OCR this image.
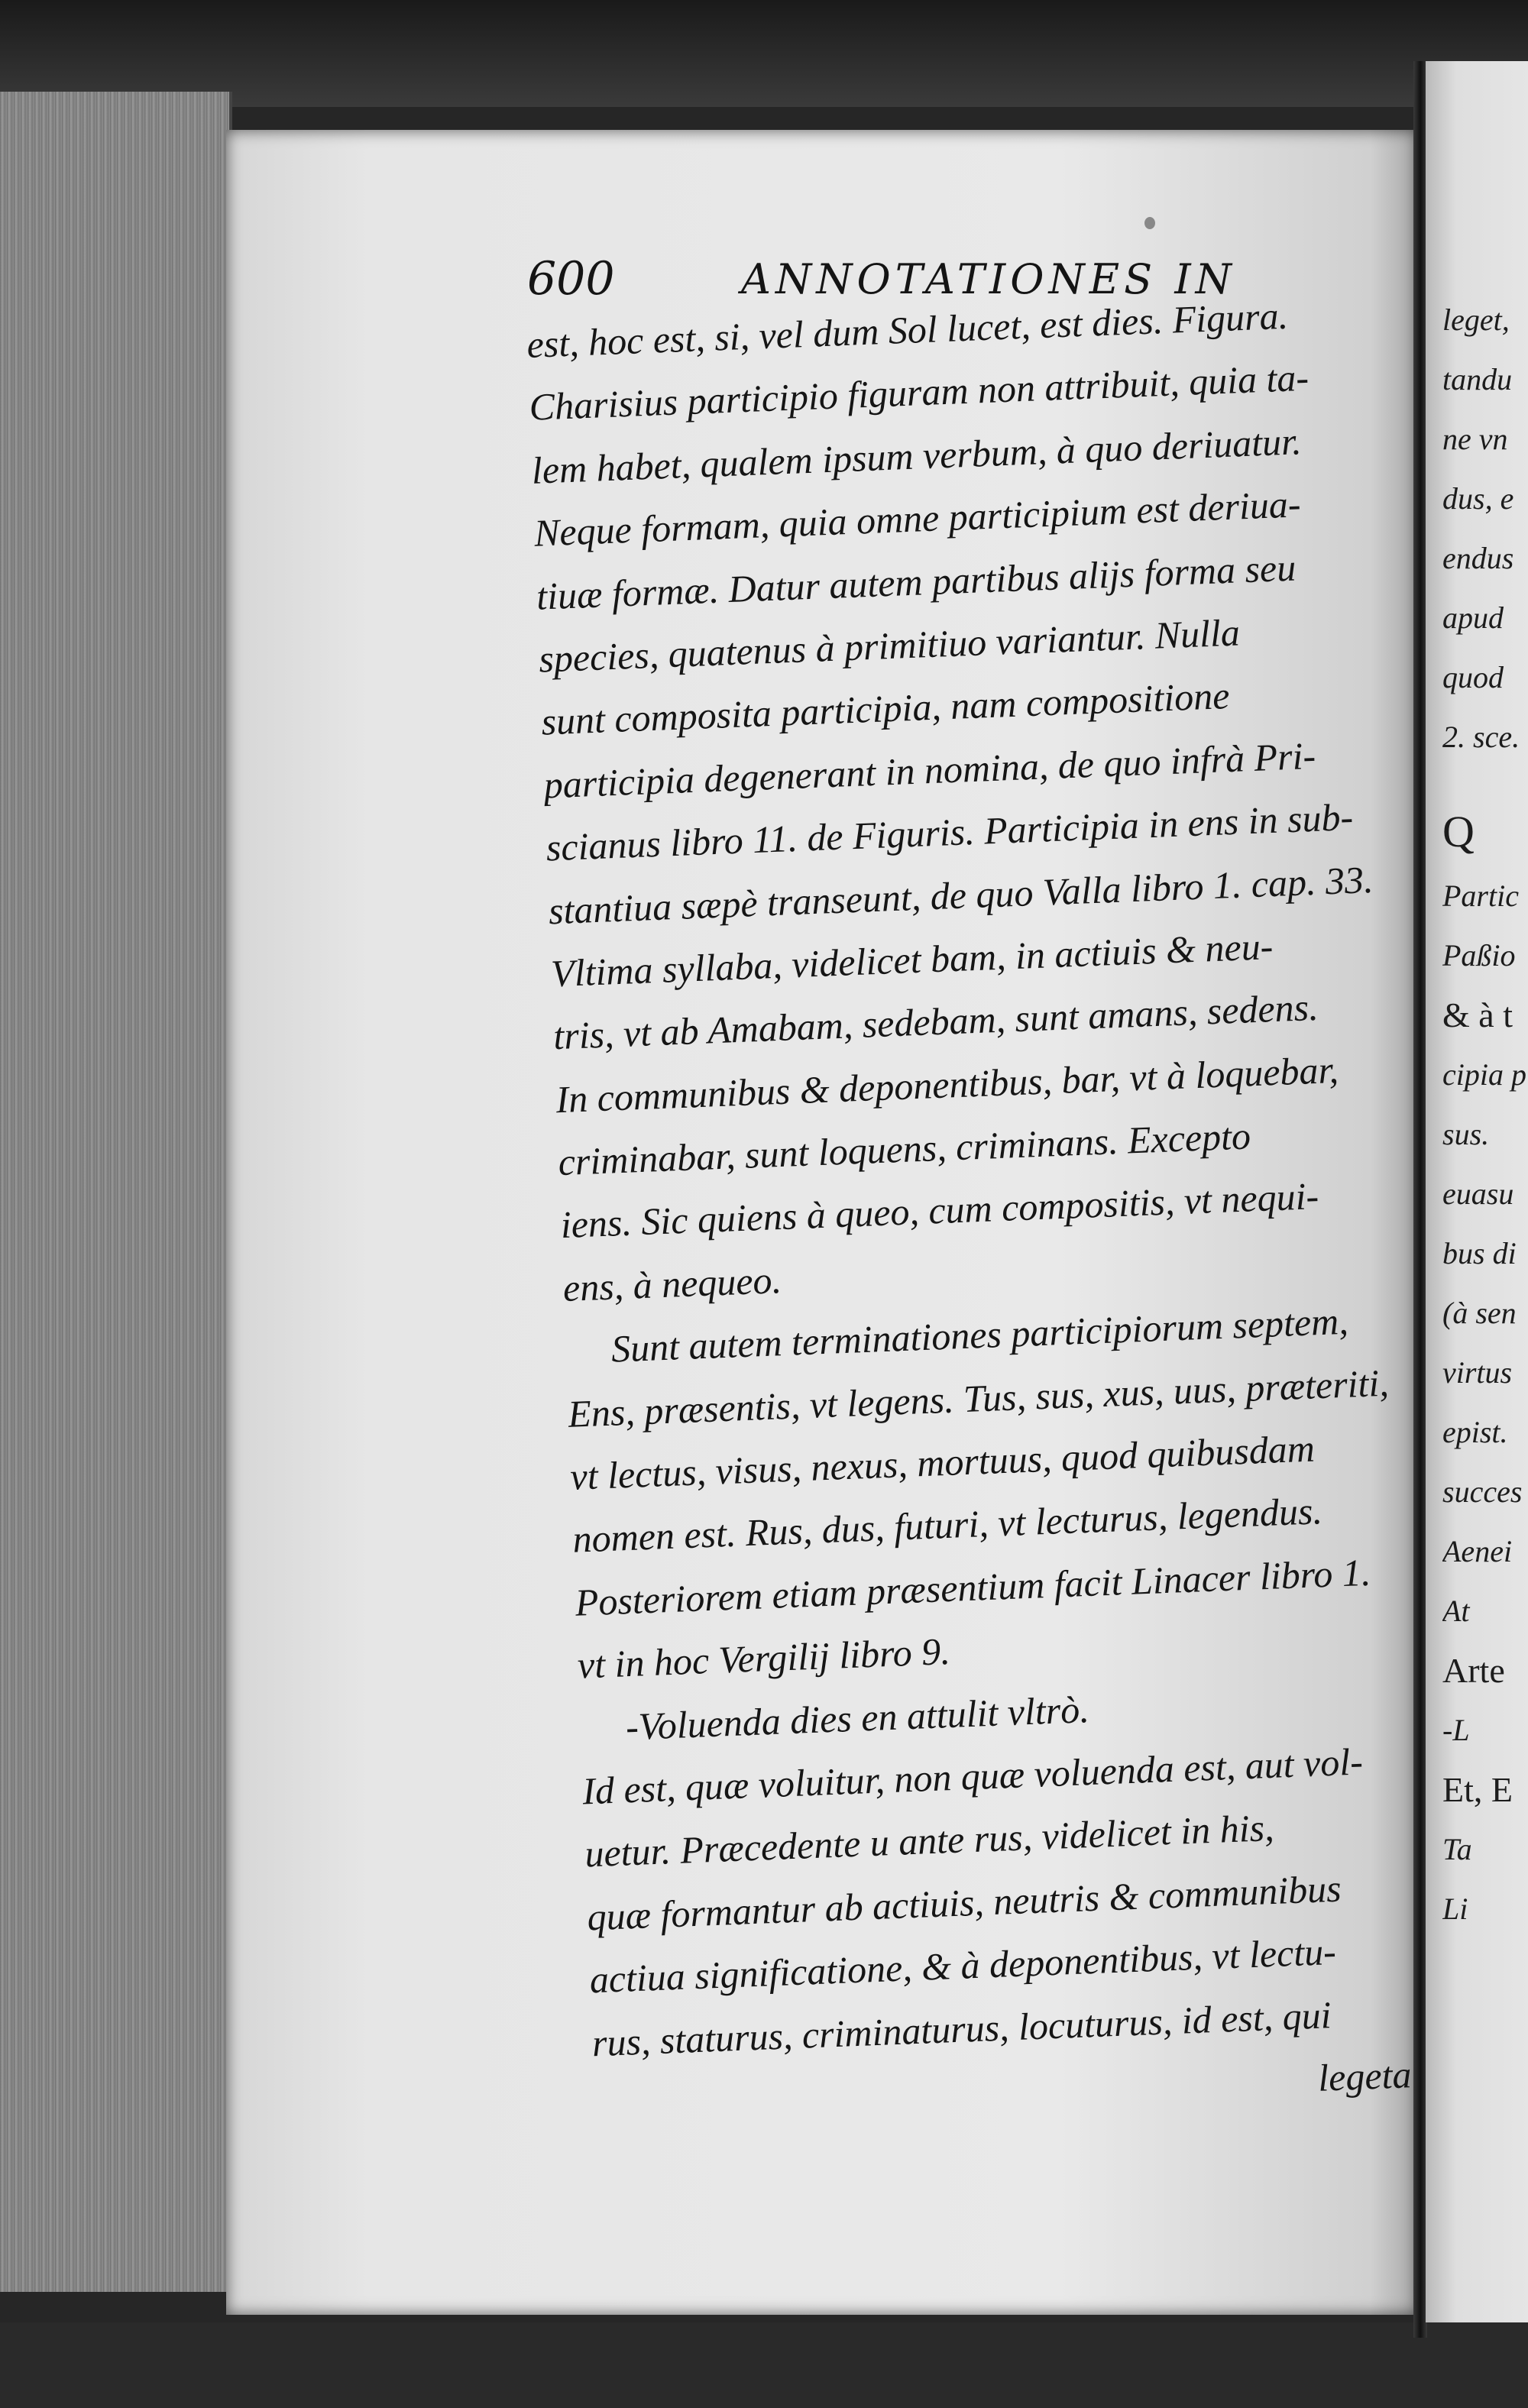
600	ANNOTATIONES IN
est, hoc est, si, vel dum Sol lucet, est dies. Figura.
Charisius participio figuram non attribuit, quia ta-
lem habet, qualem ipsum verbum, à quo deriuatur.
Neque formam, quia omne participium est deriua-
tiuæ formæ. Datur autem partibus aliјs forma seu
species, quatenus à primitiuo variantur. Nulla
sunt composita participia, nam compositione
participia degenerant in nomina, de quo infrà Pri-
scianus libro 11. de Figuris. Participia in ens in sub-
stantiua sæpè transeunt, de quo Valla libro 1. cap. 33.
Vltima syllaba, videlicet bam, in actiuis & neu-
tris, vt ab Amabam, sedebam, sunt amans, sedens.
In communibus & deponentibus, bar, vt à loquebar,
criminabar, sunt loquens, criminans. Excepto
iens. Sic quiens à queo, cum compositis, vt nequi-
ens, à nequeo.
Sunt autem terminationes participiorum septem,
Ens, præsentis, vt legens. Tus, sus, xus, uus, præteriti,
vt lectus, visus, nexus, mortuus, quod quibusdam
nomen est. Rus, dus, futuri, vt lecturus, legendus.
Posteriorem etiam præsentium facit Linacer libro 1.
vt in hoc Vergilij libro 9.
-Voluenda dies en attulit vltrò.
Id est, quæ voluitur, non quæ voluenda est, aut vol-
uetur. Præcedente u ante rus, videlicet in his,
quæ formantur ab actiuis, neutris & communibus
actiua significatione, & à deponentibus, vt lectu-
rus, staturus, criminaturus, locuturus, id est, qui
legeta
leget,
tandu
ne vn
dus, e
endus
apud
quod
2. sce.
Q
Partic
Paßio
& à t
cipia p
sus.
euasu
bus di
(à sen
virtus
epist.
succes
Aenei
At
Arte
-L
Et, E
Ta
Li
